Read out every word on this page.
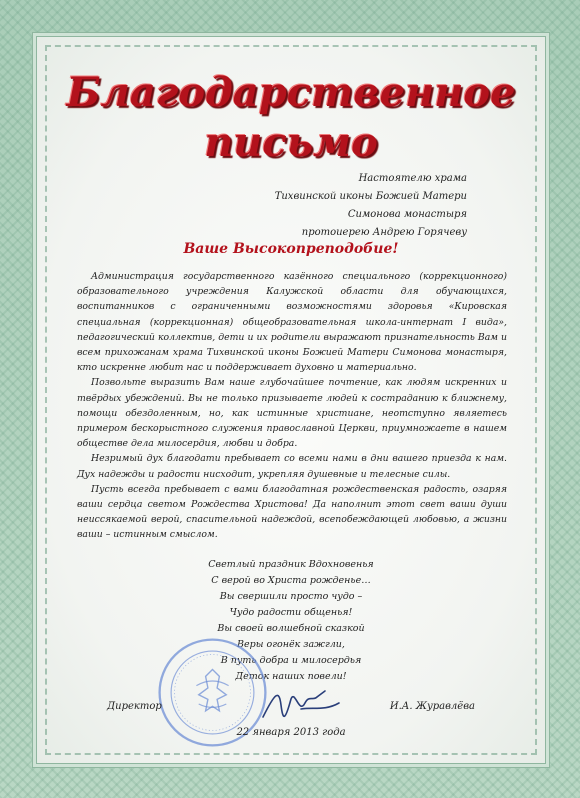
Благодарственное
письмо
Настоятелю храма
Тихвинской иконы Божией Матери
Симонова монастыря
протоиерею Андрею Горячеву
Ваше Высокопреподобие!

Администрация государственного казённого специального (коррекционного) образовательного учреждения Калужской области для обучающихся, воспитанников с ограниченными возможностями здоровья «Кировская специальная (коррекционная) общеобразовательная школа-интернат I вида», педагогический коллектив, дети и их родители выражают признательность Вам и всем прихожанам храма Тихвинской иконы Божией Матери Симонова монастыря, кто искренне любит нас и поддерживает духовно и материально.

Позвольте выразить Вам наше глубочайшее почтение, как людям искренних и твёрдых убеждений. Вы не только призываете людей к состраданию к ближнему, помощи обездоленным, но, как истинные христиане, неотступно являетесь примером бескорыстного служения православной Церкви, приумножаете в нашем обществе дела милосердия, любви и добра.

Незримый дух благодати пребывает со всеми нами в дни вашего приезда к нам. Дух надежды и радости нисходит, укрепляя душевные и телесные силы.

Пусть всегда пребывает с вами благодатная рождественская радость, озаряя ваши сердца светом Рождества Христова! Да наполнит этот свет ваши души неиссякаемой верой, спасительной надеждой, всепобеждающей любовью, а жизни ваши – истинным смыслом.

Светлый праздник Вдохновенья
С верой во Христа рожденье…
Вы свершили просто чудо –
Чудо радости общенья!
Вы своей волшебной сказкой
Веры огонёк зажгли,
В путь добра и милосердья
Деток наших повели!
Директор	И.А. Журавлёва
22 января 2013 года
